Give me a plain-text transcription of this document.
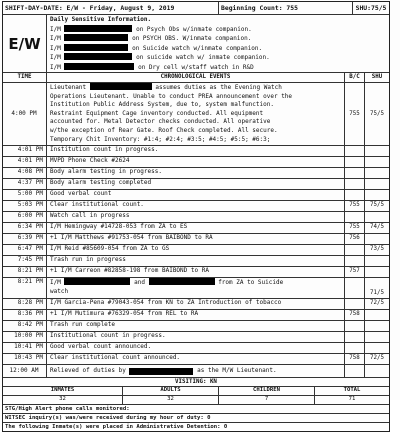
SHIFT-DAY-DATE: E/W - Friday, August 9, 2019	Beginning Count: 755	SHU:75/5
E/W
Daily Sensitive Information.
I/M	on Psych Obs w/inmate companion.
I/M	on PSYCH OBS. W/inmate companion.
I/M	on Suicide watch w/inmate companion.
I/M	on suicide watch w/ inmate companion.
I/M	on Dry cell w/staff watch in R&D
TIME	CHRONOLOGICAL EVENTS	B/C	SHU
4:00 PM
Lieutenant	assumes duties as the Evening Watch
Operations Lieutenant. Unable to conduct PREA announcement over the
Institution Public Address System, due to, system malfunction.
Restraint Equipment Cage inventory conducted. All equipment
accounted for. Metal Detector checks conducted. All operative
w/the exception of Rear Gate. Roof Check completed. All secure.
Temporary Chit Inventory: #1:4; #2:4; #3:5; #4:5; #5:5; #6:3;
755	75/5
4:01 PM	Institution count in progress.
4:01 PM	MVPD Phone Check #2624
4:08 PM	Body alarm testing in progress.
4:37 PM	Body alarm testing completed
5:00 PM	Good verbal count
5:03 PM	Clear institutional count.	755	75/5
6:00 PM	Watch call in progress
6:34 PM	I/M Hemingway #14728-053 from ZA to ES	755	74/5
6:39 PM	+1 I/M Matthews #91753-054 from BAIBOND to RA	756
6:47 PM	I/M Reid #85609-054 from ZA to GS	73/5
7:45 PM	Trash run in progress
8:21 PM	+1 I/M Carreon #82858-198 from BAIBOND to RA	757
8:21 PM	I/M	and	from ZA to Suicide
watch	71/5
8:28 PM	I/M Garcia-Pena #79043-054 from KN to ZA Introduction of tobacco	72/5
8:36 PM	+1 I/M Mutimura #76329-054 from REL to RA	758
8:42 PM	Trash run complete
10:00 PM	Institutional count in progress.
10:41 PM	Good verbal count announced.
10:43 PM	Clear institutional count announced.	758	72/5
12:00 AM	Relieved of duties by

	as the M/W Lieutenant.
VISITING: KN
INMATES	ADULTS	CHILDREN	TOTAL
32	32	7	71
STG/High Alert phone calls monitored:
WITSEC inquiry(s) was/were received during my hour of duty: 0
The following Inmate(s) were placed in Administrative Detention: 0
